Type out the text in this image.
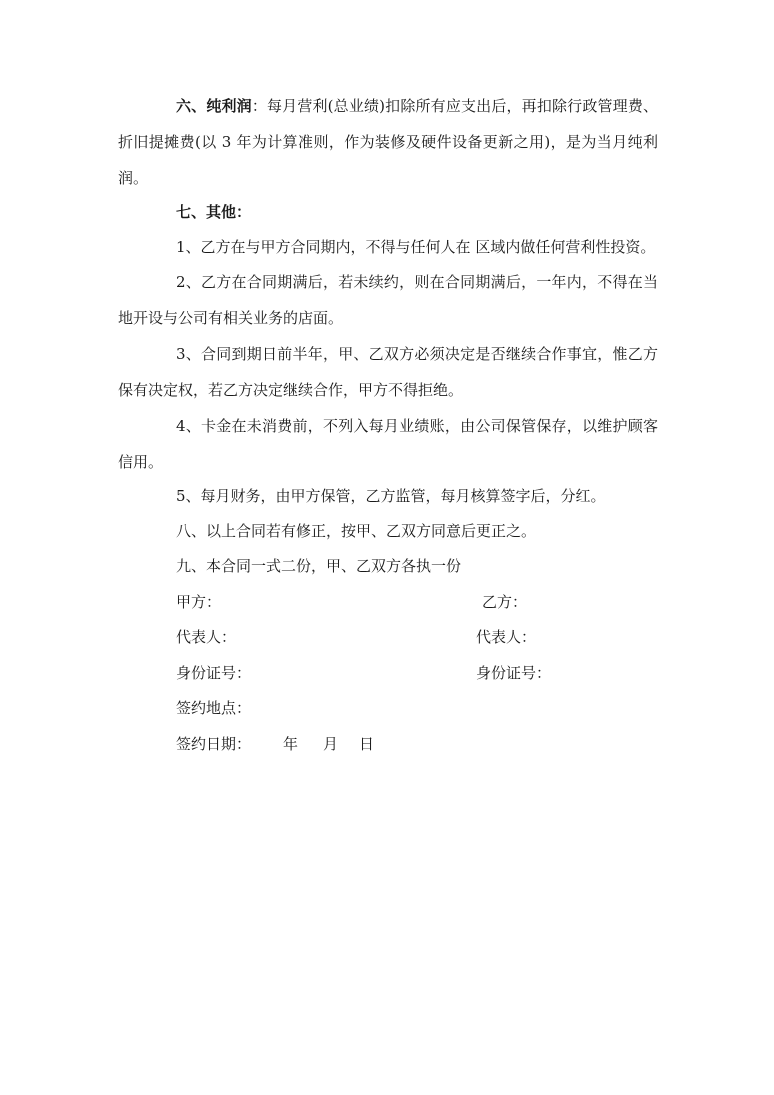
六、纯利润：每月营利(总业绩)扣除所有应支出后，再扣除行政管理费、折旧提摊费(以 3 年为计算准则，作为装修及硬件设备更新之用)，是为当月纯利润。

七、其他：

1、乙方在与甲方合同期内，不得与任何人在 区域内做任何营利性投资。

2、乙方在合同期满后，若未续约，则在合同期满后，一年内，不得在当地开设与公司有相关业务的店面。

3、合同到期日前半年，甲、乙双方必须决定是否继续合作事宜，惟乙方保有决定权，若乙方决定继续合作，甲方不得拒绝。

4、卡金在未消费前，不列入每月业绩账，由公司保管保存，以维护顾客信用。

5、每月财务，由甲方保管，乙方监管，每月核算签字后，分红。

八、以上合同若有修正，按甲、乙双方同意后更正之。

九、本合同一式二份，甲、乙双方各执一份

甲方：	乙方：

代表人：	代表人：

身份证号：	身份证号：

签约地点：

签约日期： 年 月 日
